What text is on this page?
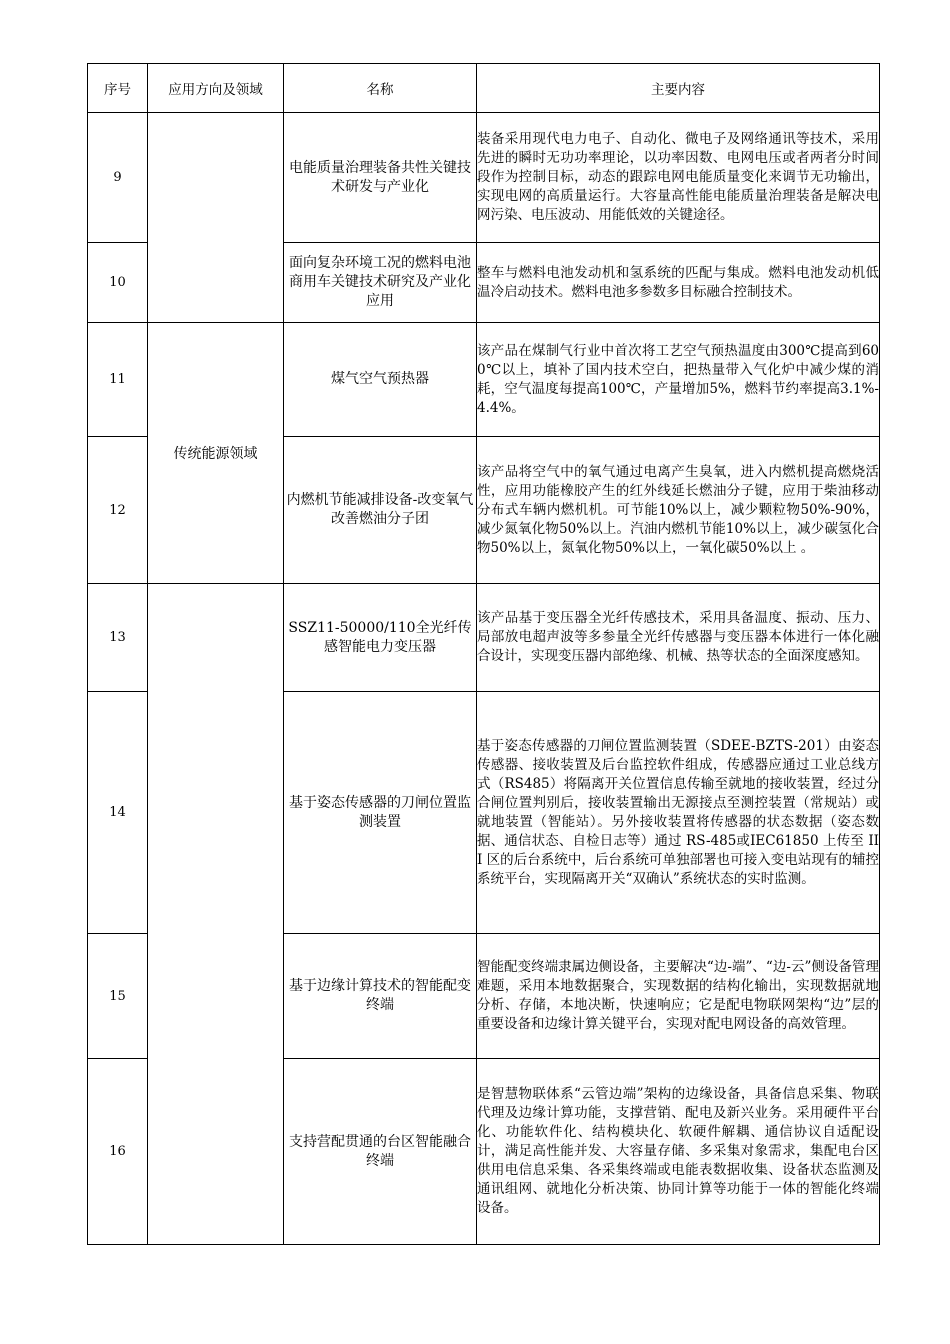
序号	应用方向及领域	名称	主要内容
9		电能质量治理装备共性关键技术研发与产业化	装备采用现代电力电子、自动化、微电子及网络通讯等技术，采用先进的瞬时无功功率理论，以功率因数、电网电压或者两者分时间段作为控制目标，动态的跟踪电网电能质量变化来调节无功输出，实现电网的高质量运行。大容量高性能电能质量治理装备是解决电网污染、电压波动、用能低效的关键途径。
10		面向复杂环境工况的燃料电池商用车关键技术研究及产业化应用	整车与燃料电池发动机和氢系统的匹配与集成。燃料电池发动机低温冷启动技术。燃料电池多参数多目标融合控制技术。
11	传统能源领域	煤气空气预热器	该产品在煤制气行业中首次将工艺空气预热温度由300℃提高到600℃以上，填补了国内技术空白，把热量带入气化炉中减少煤的消耗，空气温度每提高100℃，产量增加5%，燃料节约率提高3.1%-4.4%。
12		内燃机节能减排设备-改变氧气改善燃油分子团	该产品将空气中的氧气通过电离产生臭氧，进入内燃机提高燃烧活性，应用功能橡胶产生的红外线延长燃油分子键，应用于柴油移动分布式车辆内燃机机。可节能10%以上，减少颗粒物50%-90%，减少氮氧化物50%以上。汽油内燃机节能10%以上，减少碳氢化合物50%以上，氮氧化物50%以上，一氧化碳50%以上 。
13		SSZ11-50000/110全光纤传感智能电力变压器	该产品基于变压器全光纤传感技术，采用具备温度、振动、压力、局部放电超声波等多参量全光纤传感器与变压器本体进行一体化融合设计，实现变压器内部绝缘、机械、热等状态的全面深度感知。
14		基于姿态传感器的刀闸位置监测装置	基于姿态传感器的刀闸位置监测装置（SDEE-BZTS-201）由姿态传感器、接收装置及后台监控软件组成，传感器应通过工业总线方式（RS485）将隔离开关位置信息传输至就地的接收装置，经过分合闸位置判别后，接收装置输出无源接点至测控装置（常规站）或就地装置（智能站）。另外接收装置将传感器的状态数据（姿态数据、通信状态、自检日志等）通过 RS-485或IEC61850 上传至 III 区的后台系统中，后台系统可单独部署也可接入变电站现有的辅控系统平台，实现隔离开关“双确认”系统状态的实时监测。
15		基于边缘计算技术的智能配变终端	智能配变终端隶属边侧设备，主要解决“边-端”、“边-云”侧设备管理难题，采用本地数据聚合，实现数据的结构化输出，实现数据就地分析、存储，本地决断，快速响应；它是配电物联网架构“边”层的重要设备和边缘计算关键平台，实现对配电网设备的高效管理。
16		支持营配贯通的台区智能融合终端	是智慧物联体系“云管边端”架构的边缘设备，具备信息采集、物联代理及边缘计算功能，支撑营销、配电及新兴业务。采用硬件平台化、功能软件化、结构模块化、软硬件解耦、通信协议自适配设计，满足高性能并发、大容量存储、多采集对象需求，集配电台区供用电信息采集、各采集终端或电能表数据收集、设备状态监测及通讯组网、就地化分析决策、协同计算等功能于一体的智能化终端设备。
